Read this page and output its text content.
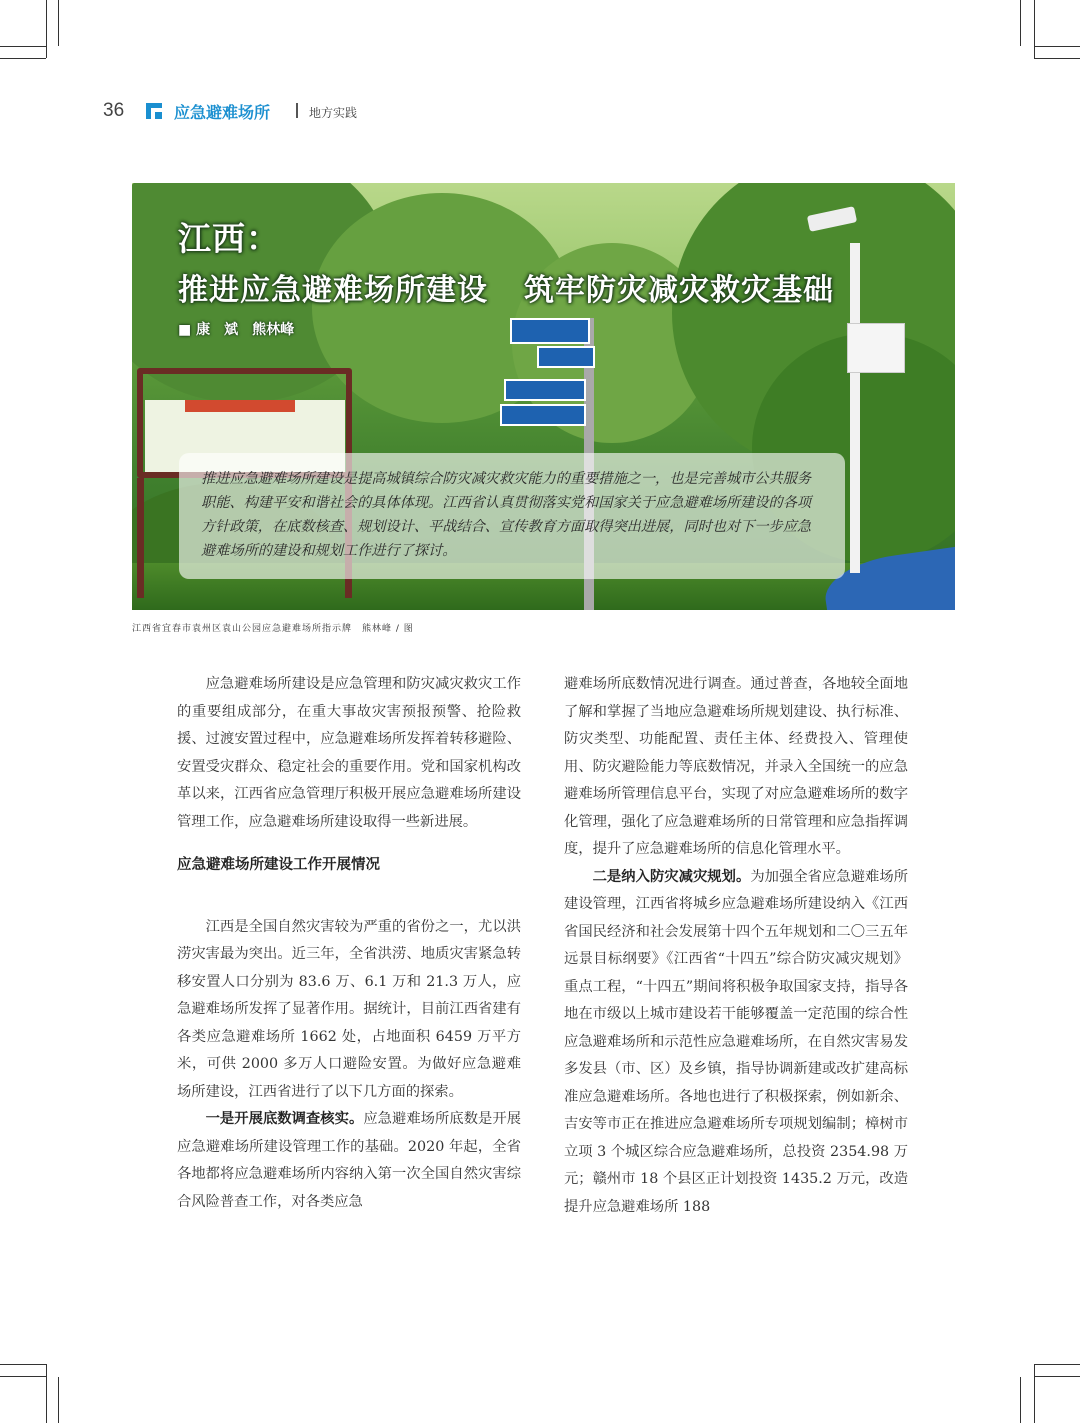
36	应急避难场所	地方实践
江西：
推进应急避难场所建设 筑牢防灾减灾救灾基础
■ 康　斌　熊林峰
推进应急避难场所建设是提高城镇综合防灾减灾救灾能力的重要措施之一，也是完善城市公共服务职能、构建平安和谐社会的具体体现。江西省认真贯彻落实党和国家关于应急避难场所建设的各项方针政策，在底数核查、规划设计、平战结合、宣传教育方面取得突出进展，同时也对下一步应急避难场所的建设和规划工作进行了探讨。
江西省宜春市袁州区袁山公园应急避难场所指示牌　熊林峰 / 图

应急避难场所建设是应急管理和防灾减灾救灾工作的重要组成部分，在重大事故灾害预报预警、抢险救援、过渡安置过程中，应急避难场所发挥着转移避险、安置受灾群众、稳定社会的重要作用。党和国家机构改革以来，江西省应急管理厅积极开展应急避难场所建设管理工作，应急避难场所建设取得一些新进展。

应急避难场所建设工作开展情况

江西是全国自然灾害较为严重的省份之一，尤以洪涝灾害最为突出。近三年，全省洪涝、地质灾害紧急转移安置人口分别为 83.6 万、6.1 万和 21.3 万人，应急避难场所发挥了显著作用。据统计，目前江西省建有各类应急避难场所 1662 处，占地面积 6459 万平方米，可供 2000 多万人口避险安置。为做好应急避难场所建设，江西省进行了以下几方面的探索。

一是开展底数调查核实。应急避难场所底数是开展应急避难场所建设管理工作的基础。2020 年起，全省各地都将应急避难场所内容纳入第一次全国自然灾害综合风险普查工作，对各类应急

避难场所底数情况进行调查。通过普查，各地较全面地了解和掌握了当地应急避难场所规划建设、执行标准、防灾类型、功能配置、责任主体、经费投入、管理使用、防灾避险能力等底数情况，并录入全国统一的应急避难场所管理信息平台，实现了对应急避难场所的数字化管理，强化了应急避难场所的日常管理和应急指挥调度，提升了应急避难场所的信息化管理水平。

二是纳入防灾减灾规划。为加强全省应急避难场所建设管理，江西省将城乡应急避难场所建设纳入《江西省国民经济和社会发展第十四个五年规划和二〇三五年远景目标纲要》《江西省“十四五”综合防灾减灾规划》重点工程，“十四五”期间将积极争取国家支持，指导各地在市级以上城市建设若干能够覆盖一定范围的综合性应急避难场所和示范性应急避难场所，在自然灾害易发多发县（市、区）及乡镇，指导协调新建或改扩建高标准应急避难场所。各地也进行了积极探索，例如新余、吉安等市正在推进应急避难场所专项规划编制；樟树市立项 3 个城区综合应急避难场所，总投资 2354.98 万元；赣州市 18 个县区正计划投资 1435.2 万元，改造提升应急避难场所 188
